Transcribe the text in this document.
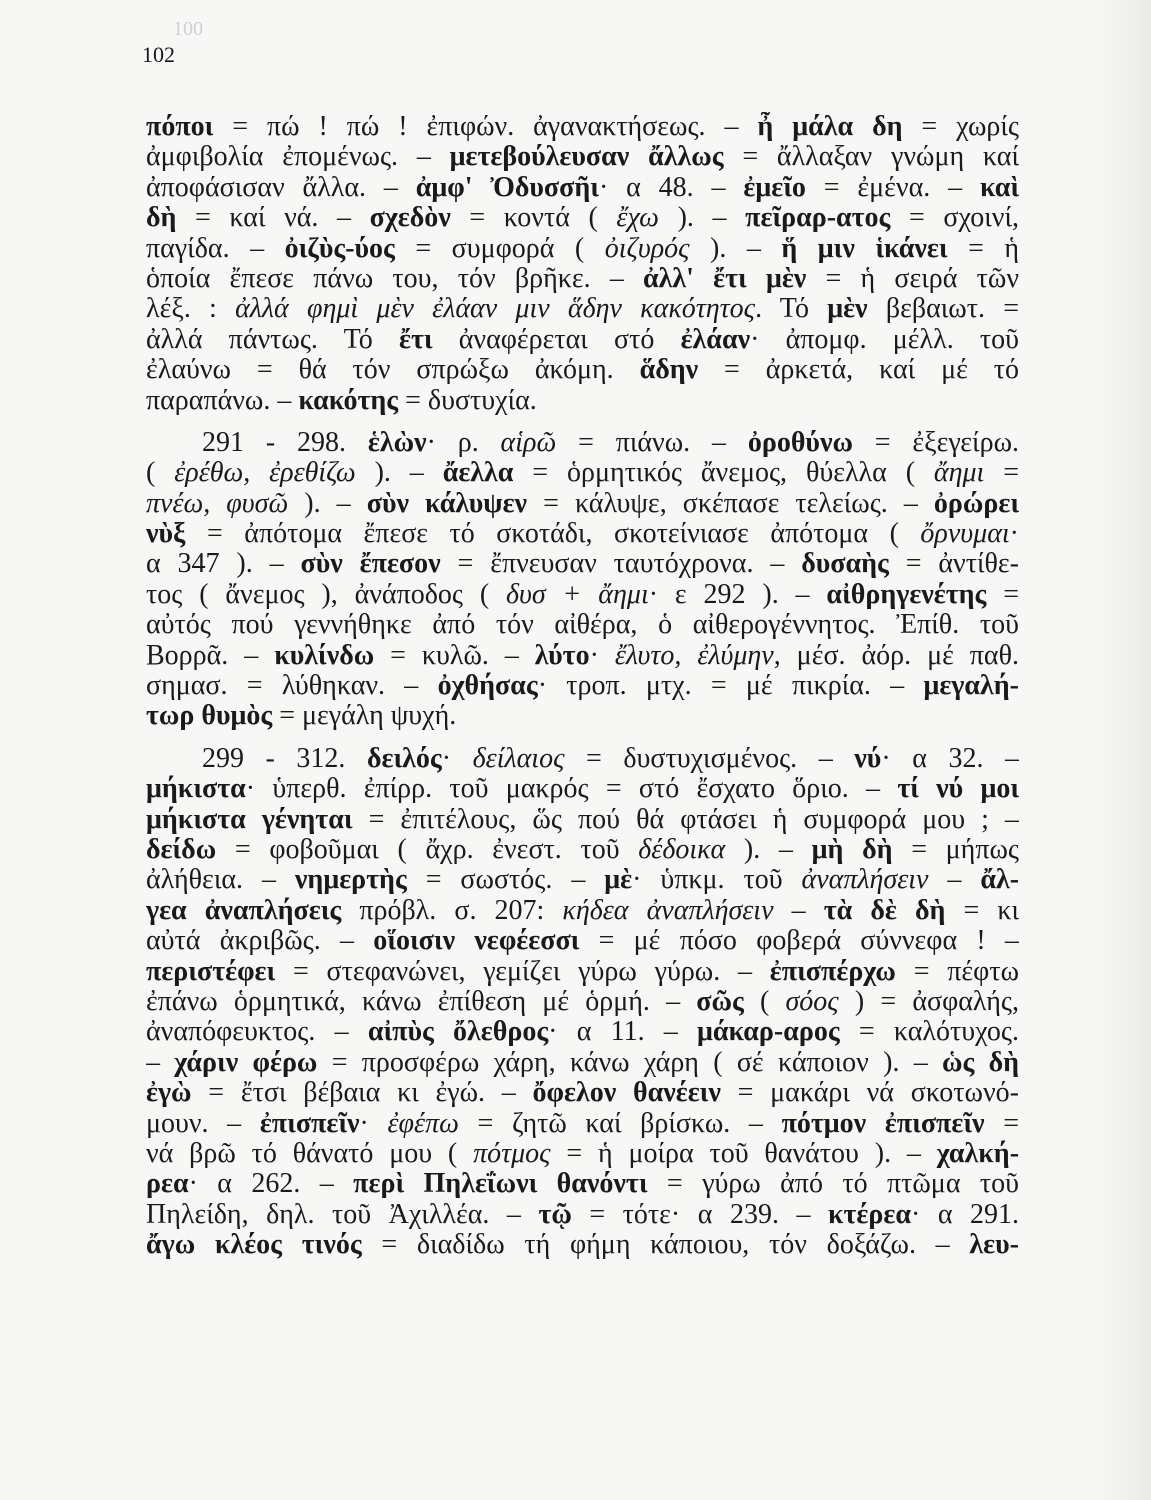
100
102
πόποι = πώ ! πώ ! ἐπιφών. ἀγανακτήσεως. – ἦ μάλα δη = χωρίς
ἀμφιβολία ἐπομένως. – μετεβούλευσαν ἄλλως = ἄλλαξαν γνώμη καί
ἀποφάσισαν ἄλλα. – ἀμφ' Ὀδυσσῆι· α 48. – ἐμεῖο = ἐμένα. – καὶ
δὴ = καί νά. – σχεδὸν = κοντά ( ἔχω ). – πεῖραρ-ατος = σχοινί,
παγίδα. – ὀιζὺς-ύος = συμφορά ( ὀιζυρός ). – ἥ μιν ἱκάνει = ἡ
ὁποία ἔπεσε πάνω του, τόν βρῆκε. – ἀλλ' ἔτι μὲν = ἡ σειρά τῶν
λέξ. : ἀλλά φημὶ μὲν ἐλάαν μιν ἅδην κακότητος. Τό μὲν βεβαιωτ. =
ἀλλά πάντως. Τό ἔτι ἀναφέρεται στό ἐλάαν· ἀπομφ. μέλλ. τοῦ
ἐλαύνω = θά τόν σπρώξω ἀκόμη. ἅδην = ἀρκετά, καί μέ τό
παραπάνω. – κακότης = δυστυχία.
291 - 298. ἑλὼν· ρ. αἱρῶ = πιάνω. – ὀροθύνω = ἐξεγείρω.
( ἐρέθω, ἐρεθίζω ). – ἄελλα = ὁρμητικός ἄνεμος, θύελλα ( ἄημι =
πνέω, φυσῶ ). – σὺν κάλυψεν = κάλυψε, σκέπασε τελείως. – ὀρώρει
νὺξ = ἀπότομα ἔπεσε τό σκοτάδι, σκοτείνιασε ἀπότομα ( ὄρνυμαι·
α 347 ). – σὺν ἔπεσον = ἔπνευσαν ταυτόχρονα. – δυσαὴς = ἀντίθε-
τος ( ἄνεμος ), ἀνάποδος ( δυσ + ἄημι· ε 292 ). – αἰθρηγενέτης =
αὐτός πού γεννήθηκε ἀπό τόν αἰθέρα, ὁ αἰθερογέννητος. Ἐπίθ. τοῦ
Βορρᾶ. – κυλίνδω = κυλῶ. – λύτο· ἔλυτο, ἐλύμην, μέσ. ἀόρ. μέ παθ.
σημασ. = λύθηκαν. – ὀχθήσας· τροπ. μτχ. = μέ πικρία. – μεγαλή-
τωρ θυμὸς = μεγάλη ψυχή.
299 - 312. δειλός· δείλαιος = δυστυχισμένος. – νύ· α 32. –
μήκιστα· ὑπερθ. ἐπίρρ. τοῦ μακρός = στό ἔσχατο ὅριο. – τί νύ μοι
μήκιστα γένηται = ἐπιτέλους, ὥς πού θά φτάσει ἡ συμφορά μου ; –
δείδω = φοβοῦμαι ( ἄχρ. ἐνεστ. τοῦ δέδοικα ). – μὴ δὴ = μήπως
ἀλήθεια. – νημερτὴς = σωστός. – μὲ· ὑπκμ. τοῦ ἀναπλήσειν – ἄλ-
γεα ἀναπλήσεις πρόβλ. σ. 207: κήδεα ἀναπλήσειν – τὰ δὲ δὴ = κι
αὐτά ἀκριβῶς. – οἵοισιν νεφέεσσι = μέ πόσο φοβερά σύννεφα ! –
περιστέφει = στεφανώνει, γεμίζει γύρω γύρω. – ἐπισπέρχω = πέφτω
ἐπάνω ὁρμητικά, κάνω ἐπίθεση μέ ὁρμή. – σῶς ( σόος ) = ἀσφαλής,
ἀναπόφευκτος. – αἰπὺς ὄλεθρος· α 11. – μάκαρ-αρος = καλότυχος.
– χάριν φέρω = προσφέρω χάρη, κάνω χάρη ( σέ κάποιον ). – ὡς δὴ
ἐγὼ = ἔτσι βέβαια κι ἐγώ. – ὄφελον θανέειν = μακάρι νά σκοτωνό-
μουν. – ἐπισπεῖν· ἐφέπω = ζητῶ καί βρίσκω. – πότμον ἐπισπεῖν =
νά βρῶ τό θάνατό μου ( πότμος = ἡ μοίρα τοῦ θανάτου ). – χαλκή-
ρεα· α 262. – περὶ Πηλεΐωνι θανόντι = γύρω ἀπό τό πτῶμα τοῦ
Πηλείδη, δηλ. τοῦ Ἀχιλλέα. – τῷ = τότε· α 239. – κτέρεα· α 291.
ἄγω κλέος τινός = διαδίδω τή φήμη κάποιου, τόν δοξάζω. – λευ-
